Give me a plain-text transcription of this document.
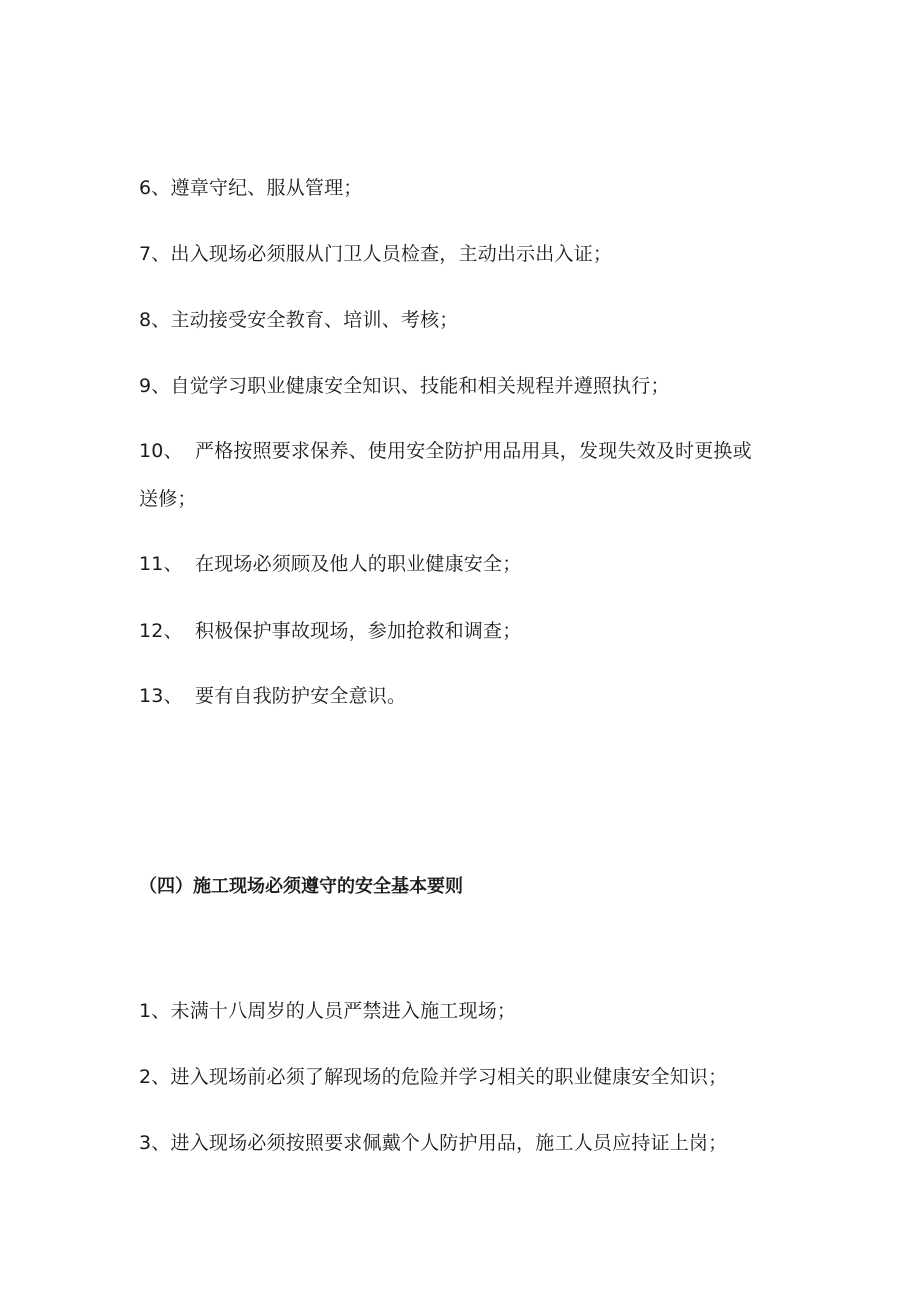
6、遵章守纪、服从管理；
7、出入现场必须服从门卫人员检查，主动出示出入证；
8、主动接受安全教育、培训、考核；
9、自觉学习职业健康安全知识、技能和相关规程并遵照执行；
10、 严格按照要求保养、使用安全防护用品用具，发现失效及时更换或
送修；
11、 在现场必须顾及他人的职业健康安全；
12、 积极保护事故现场，参加抢救和调查；
13、 要有自我防护安全意识。
（四）施工现场必须遵守的安全基本要则
1、未满十八周岁的人员严禁进入施工现场；
2、进入现场前必须了解现场的危险并学习相关的职业健康安全知识；
3、进入现场必须按照要求佩戴个人防护用品，施工人员应持证上岗；
